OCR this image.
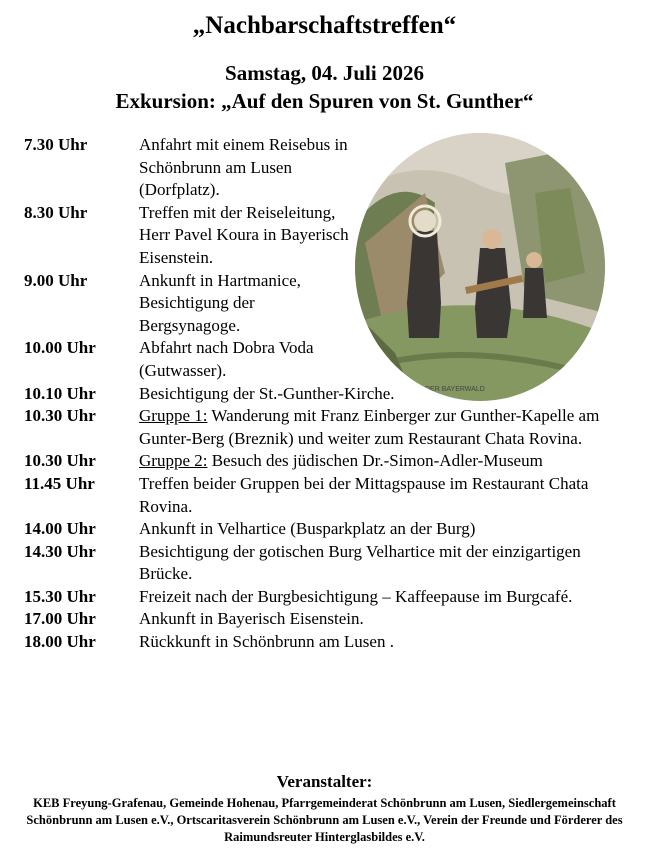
„Nachbarschaftstreffen“
Samstag, 04. Juli 2026
Exkursion: „Auf den Spuren von St. Gunther“
DER BAYERWALD
7.30 Uhr	Anfahrt mit einem Reisebus in Schönbrunn am Lusen (Dorfplatz).
8.30 Uhr	Treffen mit der Reiseleitung, Herr Pavel Koura in Bayerisch Eisenstein.
9.00 Uhr	Ankunft in Hartmanice, Besichtigung der Bergsynagoge.
10.00 Uhr	Abfahrt nach Dobra Voda (Gutwasser).
10.10 Uhr	Besichtigung der St.-Gunther-Kirche.
10.30 Uhr	Gruppe 1: Wanderung mit Franz Einberger zur Gunther-Kapelle am Gunter-Berg (Breznik) und weiter zum Restaurant Chata Rovina.
10.30 Uhr	Gruppe 2: Besuch des jüdischen Dr.-Simon-Adler-Museum
11.45 Uhr	Treffen beider Gruppen bei der Mittagspause im Restaurant Chata Rovina.
14.00 Uhr	Ankunft in Velhartice (Busparkplatz an der Burg)
14.30 Uhr	Besichtigung der gotischen Burg Velhartice mit der einzigartigen Brücke.
15.30 Uhr	Freizeit nach der Burgbesichtigung – Kaffeepause im Burgcafé.
17.00 Uhr	Ankunft in Bayerisch Eisenstein.
18.00 Uhr	Rückkunft in Schönbrunn am Lusen .
Veranstalter:
KEB Freyung-Grafenau, Gemeinde Hohenau, Pfarrgemeinderat Schönbrunn am Lusen, Siedlergemeinschaft Schönbrunn am Lusen e.V., Ortscaritasverein Schönbrunn am Lusen e.V., Verein der Freunde und Förderer des Raimundsreuter Hinterglasbildes e.V.
